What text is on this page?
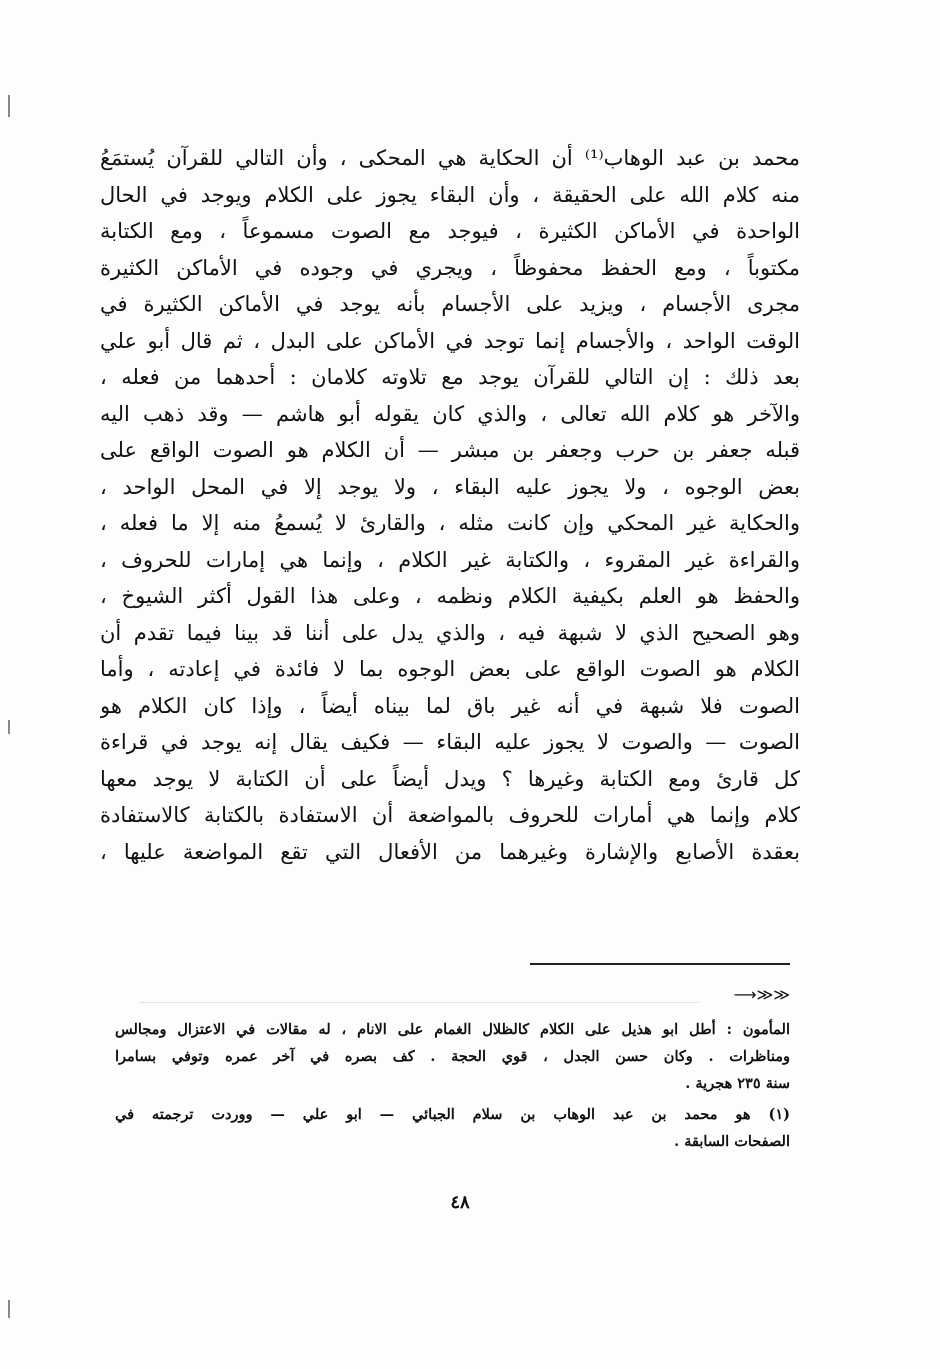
محمد بن عبد الوهاب⁽¹⁾ أن الحكاية هي المحكى ، وأن التالي للقرآن يُستمَعُ
منه كلام الله على الحقيقة ، وأن البقاء يجوز على الكلام ويوجد في الحال
الواحدة في الأماكن الكثيرة ، فيوجد مع الصوت مسموعاً ، ومع الكتابة
مكتوباً ، ومع الحفظ محفوظاً ، ويجري في وجوده في الأماكن الكثيرة
مجرى الأجسام ، ويزيد على الأجسام بأنه يوجد في الأماكن الكثيرة في
الوقت الواحد ، والأجسام إنما توجد في الأماكن على البدل ، ثم قال أبو علي
بعد ذلك : إن التالي للقرآن يوجد مع تلاوته كلامان : أحدهما من فعله ،
والآخر هو كلام الله تعالى ، والذي كان يقوله أبو هاشم — وقد ذهب اليه
قبله جعفر بن حرب وجعفر بن مبشر — أن الكلام هو الصوت الواقع على
بعض الوجوه ، ولا يجوز عليه البقاء ، ولا يوجد إلا في المحل الواحد ،
والحكاية غير المحكي وإن كانت مثله ، والقارئ لا يُسمعُ منه إلا ما فعله ،
والقراءة غير المقروء ، والكتابة غير الكلام ، وإنما هي إمارات للحروف ،
والحفظ هو العلم بكيفية الكلام ونظمه ، وعلى هذا القول أكثر الشيوخ ،
وهو الصحيح الذي لا شبهة فيه ، والذي يدل على أننا قد بينا فيما تقدم أن
الكلام هو الصوت الواقع على بعض الوجوه بما لا فائدة في إعادته ، وأما
الصوت فلا شبهة في أنه غير باق لما بيناه أيضاً ، وإذا كان الكلام هو
الصوت — والصوت لا يجوز عليه البقاء — فكيف يقال إنه يوجد في قراءة
كل قارئ ومع الكتابة وغيرها ؟ ويدل أيضاً على أن الكتابة لا يوجد معها
كلام وإنما هي أمارات للحروف بالمواضعة أن الاستفادة بالكتابة كالاستفادة
بعقدة الأصابع والإشارة وغيرهما من الأفعال التي تقع المواضعة عليها ،
⟶≫≫
المأمون : أطل ابو هذيل على الكلام كالظلال الغمام على الانام ، له مقالات في الاعتزال ومجالس
ومناظرات . وكان حسن الجدل ، قوي الحجة . كف بصره في آخر عمره وتوفي بسامرا
سنة ٢٣٥ هجرية .
(١) هو محمد بن عبد الوهاب بن سلام الجبائي — ابو علي — ووردت ترجمته في
الصفحات السابقة .
٤٨
